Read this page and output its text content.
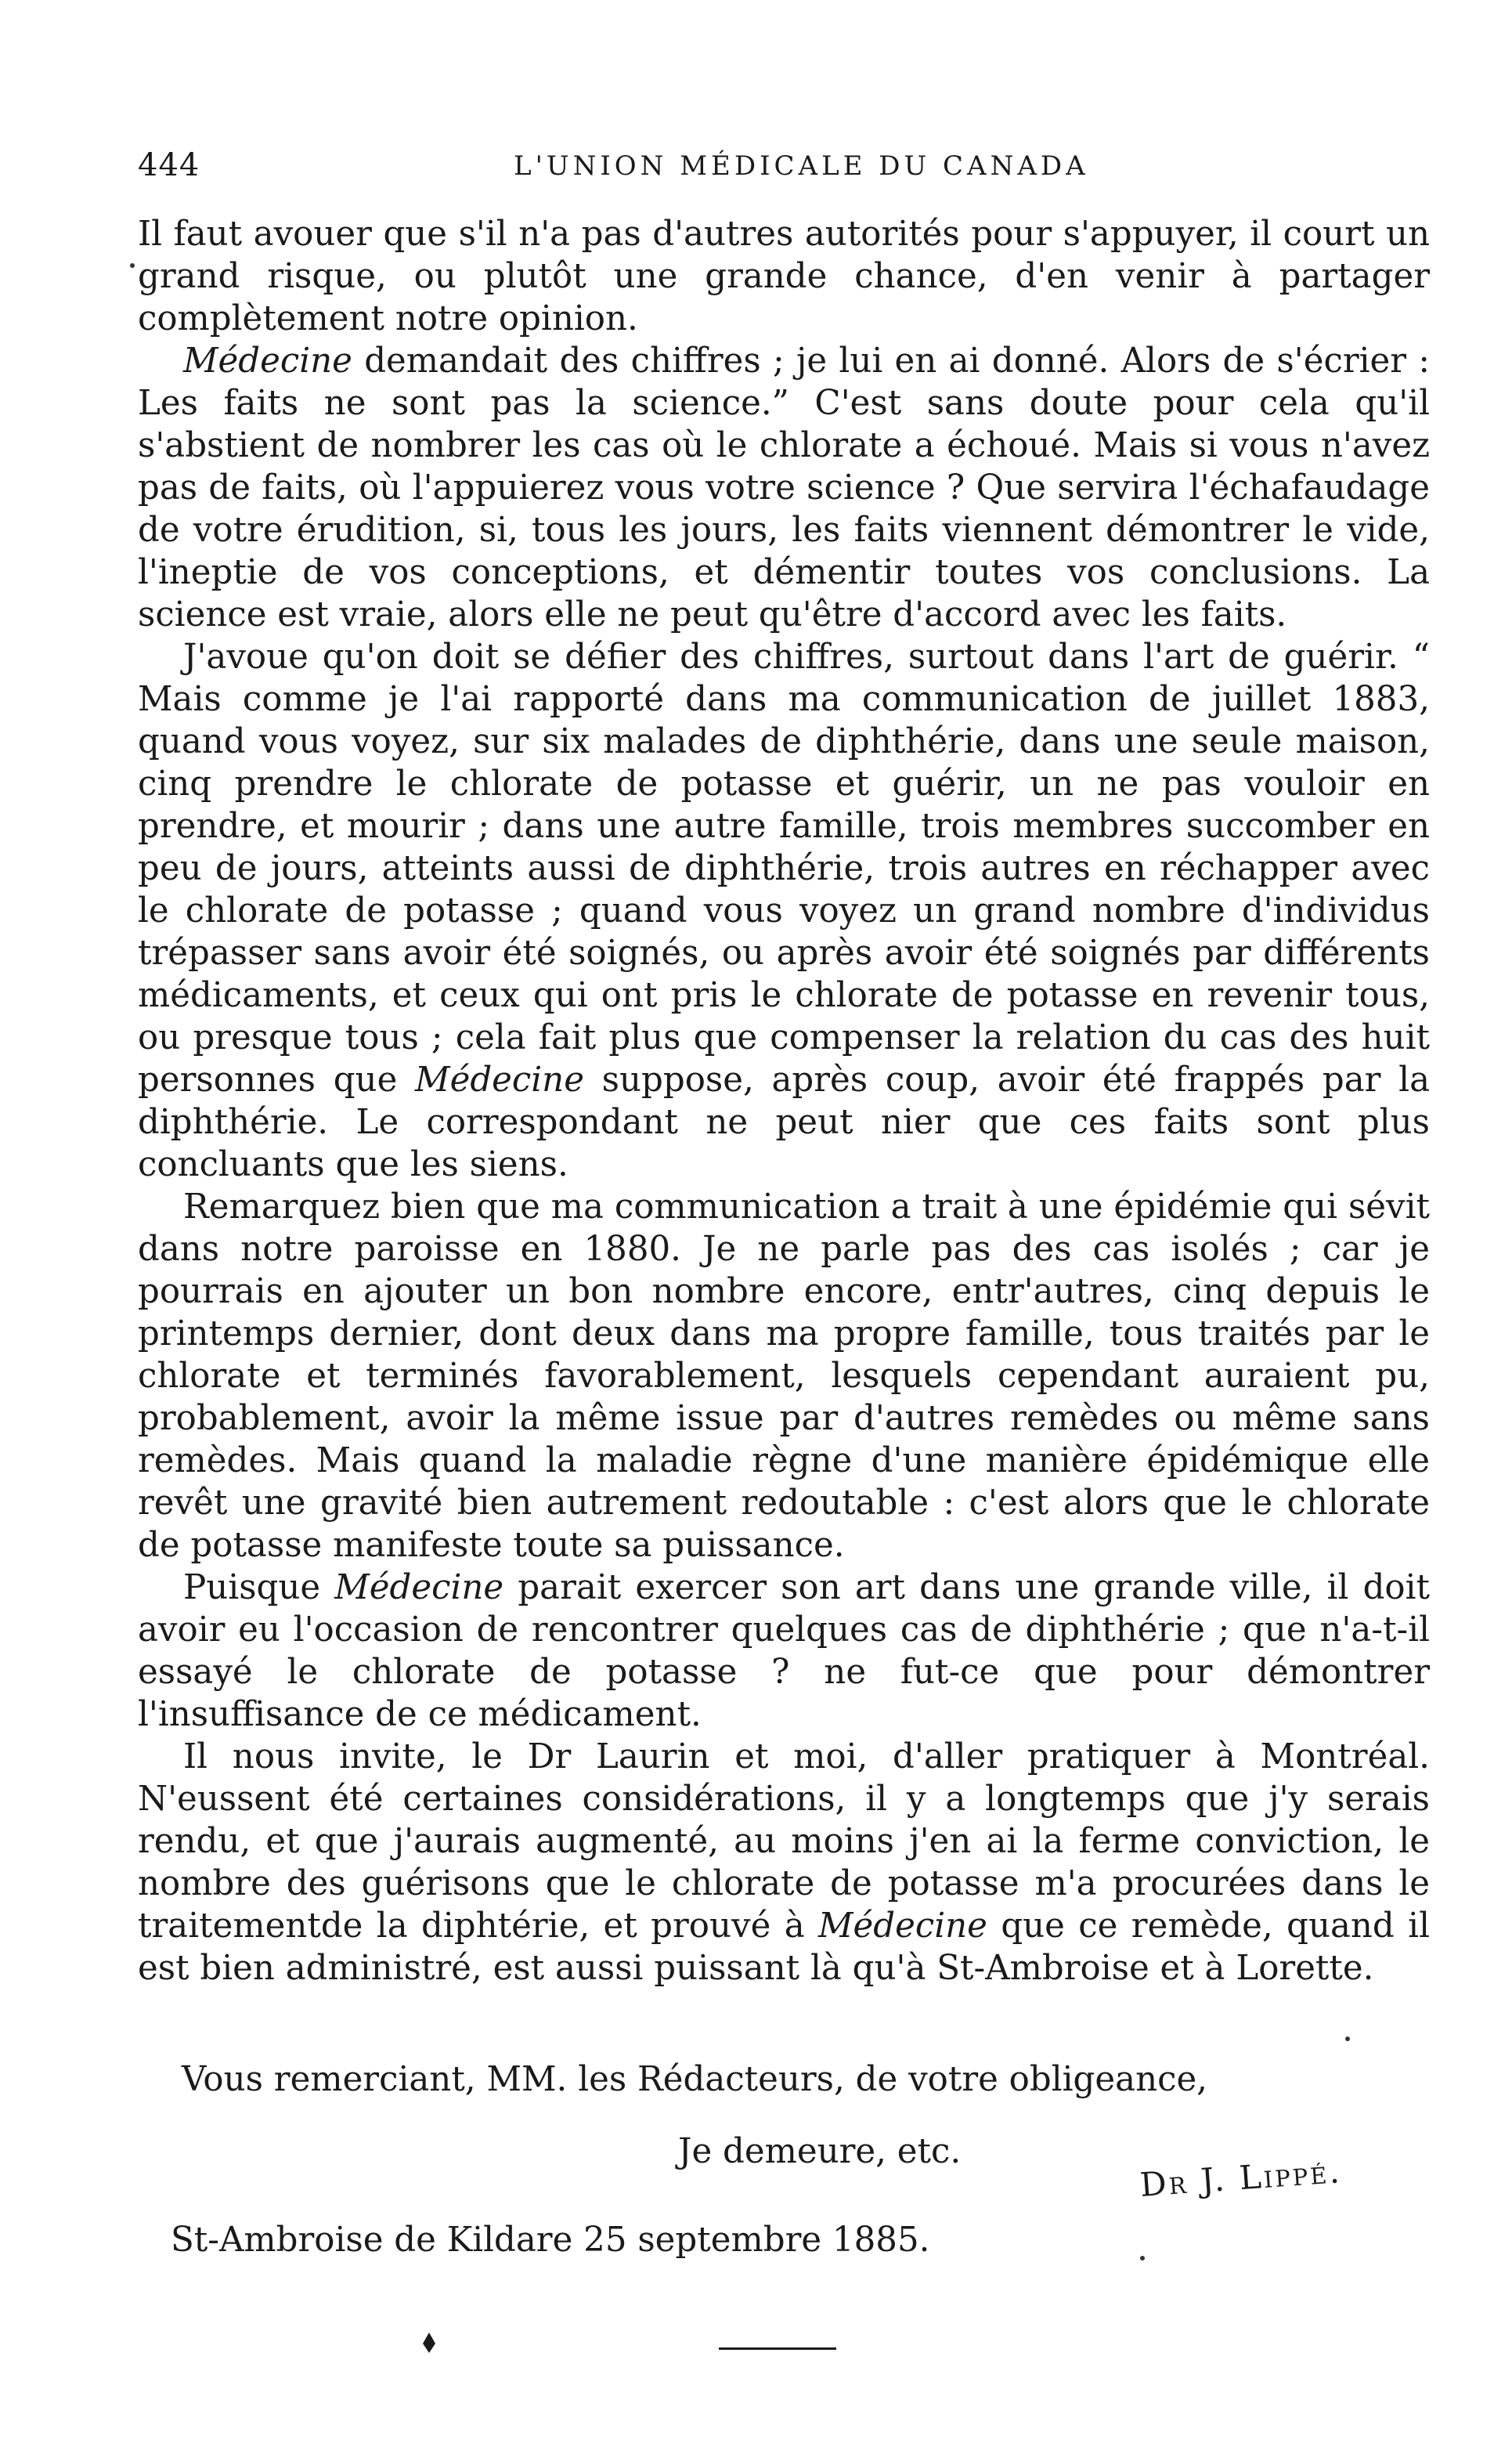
444	L'UNION MÉDICALE DU CANADA

Il faut avouer que s'il n'a pas d'autres autorités pour s'appuyer, il court un grand risque, ou plutôt une grande chance, d'en venir à partager complètement notre opinion.

Médecine demandait des chiffres ; je lui en ai donné. Alors de s'écrier : Les faits ne sont pas la science.” C'est sans doute pour cela qu'il s'abstient de nombrer les cas où le chlorate a échoué. Mais si vous n'avez pas de faits, où l'appuierez vous votre science ? Que servira l'échafaudage de votre érudition, si, tous les jours, les faits viennent démontrer le vide, l'ineptie de vos conceptions, et démentir toutes vos conclusions. La science est vraie, alors elle ne peut qu'être d'accord avec les faits.

J'avoue qu'on doit se défier des chiffres, surtout dans l'art de guérir. “ Mais comme je l'ai rapporté dans ma communication de juillet 1883, quand vous voyez, sur six malades de diphthérie, dans une seule maison, cinq prendre le chlorate de potasse et guérir, un ne pas vouloir en prendre, et mourir ; dans une autre famille, trois membres succomber en peu de jours, atteints aussi de diphthérie, trois autres en réchapper avec le chlorate de potasse ; quand vous voyez un grand nombre d'individus trépasser sans avoir été soignés, ou après avoir été soignés par différents médicaments, et ceux qui ont pris le chlorate de potasse en revenir tous, ou presque tous ; cela fait plus que compenser la relation du cas des huit personnes que Médecine suppose, après coup, avoir été frappés par la diphthérie. Le correspondant ne peut nier que ces faits sont plus concluants que les siens.

Remarquez bien que ma communication a trait à une épidémie qui sévit dans notre paroisse en 1880. Je ne parle pas des cas isolés ; car je pourrais en ajouter un bon nombre encore, entr'autres, cinq depuis le printemps dernier, dont deux dans ma propre famille, tous traités par le chlorate et terminés favorablement, lesquels cependant auraient pu, probablement, avoir la même issue par d'autres remèdes ou même sans remèdes. Mais quand la maladie règne d'une manière épidémique elle revêt une gravité bien autrement redoutable : c'est alors que le chlorate de potasse manifeste toute sa puissance.

Puisque Médecine parait exercer son art dans une grande ville, il doit avoir eu l'occasion de rencontrer quelques cas de diphthérie ; que n'a-t-il essayé le chlorate de potasse ? ne fut-ce que pour démontrer l'insuffisance de ce médicament.

Il nous invite, le Dr Laurin et moi, d'aller pratiquer à Montréal. N'eussent été certaines considérations, il y a longtemps que j'y serais rendu, et que j'aurais augmenté, au moins j'en ai la ferme conviction, le nombre des guérisons que le chlorate de potasse m'a procurées dans le traitementde la diphtérie, et prouvé à Médecine que ce remède, quand il est bien administré, est aussi puissant là qu'à St-Ambroise et à Lorette.

Vous remerciant, MM. les Rédacteurs, de votre obligeance,
Je demeure, etc.
Dr J. Lippé.
St-Ambroise de Kildare 25 septembre 1885.
